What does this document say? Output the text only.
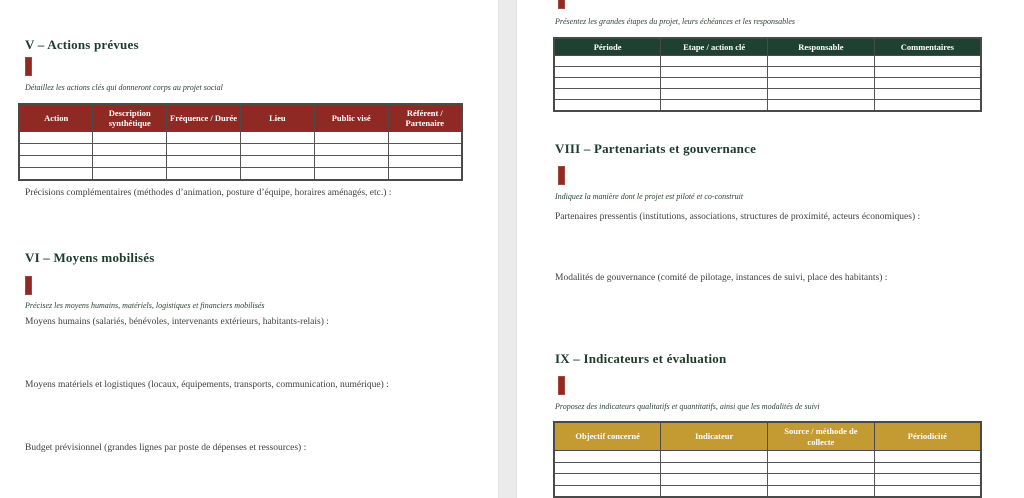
V – Actions prévues
Détaillez les actions clés qui donneront corps au projet social
Action	Description synthétique	Fréquence / Durée	Lieu	Public visé	Référent / Partenaire

Précisions complémentaires (méthodes d’animation, posture d’équipe, horaires aménagés, etc.) :
VI – Moyens mobilisés
Précisez les moyens humains, matériels, logistiques et financiers mobilisés
Moyens humains (salariés, bénévoles, intervenants extérieurs, habitants-relais) :
Moyens matériels et logistiques (locaux, équipements, transports, communication, numérique) :
Budget prévisionnel (grandes lignes par poste de dépenses et ressources) :
Présentez les grandes étapes du projet, leurs échéances et les responsables
Période	Etape / action clé	Responsable	Commentaires

VIII – Partenariats et gouvernance
Indiquez la manière dont le projet est piloté et co-construit
Partenaires pressentis (institutions, associations, structures de proximité, acteurs économiques) :
Modalités de gouvernance (comité de pilotage, instances de suivi, place des habitants) :
IX – Indicateurs et évaluation
Proposez des indicateurs qualitatifs et quantitatifs, ainsi que les modalités de suivi
Objectif concerné	Indicateur	Source / méthode de collecte	Périodicité
